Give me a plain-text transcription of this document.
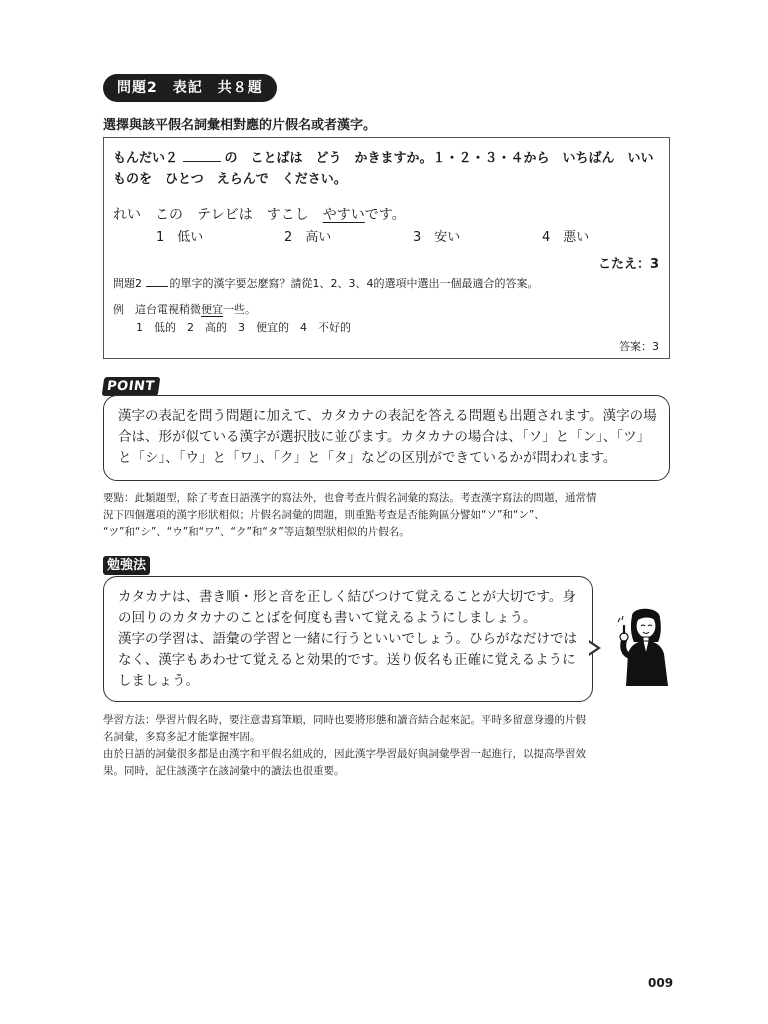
問題2　表記　共８題
選擇與該平假名詞彙相對應的片假名或者漢字。
もんだい２	の　ことばは　どう　かきますか。１・２・３・４から　いちばん　いい
ものを　ひとつ　えらんで　ください。
れい　この　テレビは　すこし　やすいです。
1　低い	2　高い	3　安い	4　悪い
こたえ：3
問題2	的單字的漢字要怎麼寫？請從1、2、3、4的選項中選出一個最適合的答案。
例　這台電視稍微便宜一些。
1　低的　2　高的　3　便宜的　4　不好的
答案：3
POINT
漢字の表記を問う問題に加えて、カタカナの表記を答える問題も出題されます。漢字の場
合は、形が似ている漢字が選択肢に並びます。カタカナの場合は、「ソ」と「ン」、「ツ」
と「シ」、「ウ」と「ワ」、「ク」と「タ」などの区別ができているかが問われます。
要點：此類題型，除了考查日語漢字的寫法外，也會考查片假名詞彙的寫法。考查漢字寫法的問題，通常情
況下四個選項的漢字形狀相似；片假名詞彙的問題，則重點考查是否能夠區分譬如“ソ”和“ン”、
“ツ”和“シ”、“ウ”和“ワ”、“ク”和“タ”等這類型狀相似的片假名。
勉強法
カタカナは、書き順・形と音を正しく結びつけて覚えることが大切です。身
の回りのカタカナのことばを何度も書いて覚えるようにしましょう。
漢字の学習は、語彙の学習と一緒に行うといいでしょう。ひらがなだけでは
なく、漢字もあわせて覚えると効果的です。送り仮名も正確に覚えるように
しましょう。
學習方法：學習片假名時，要注意書寫筆順，同時也要將形態和讀音結合起來記。平時多留意身邊的片假
名詞彙，多寫多記才能掌握牢固。
由於日語的詞彙很多都是由漢字和平假名組成的，因此漢字學習最好與詞彙學習一起進行，以提高學習效
果。同時，記住該漢字在該詞彙中的讀法也很重要。
009
